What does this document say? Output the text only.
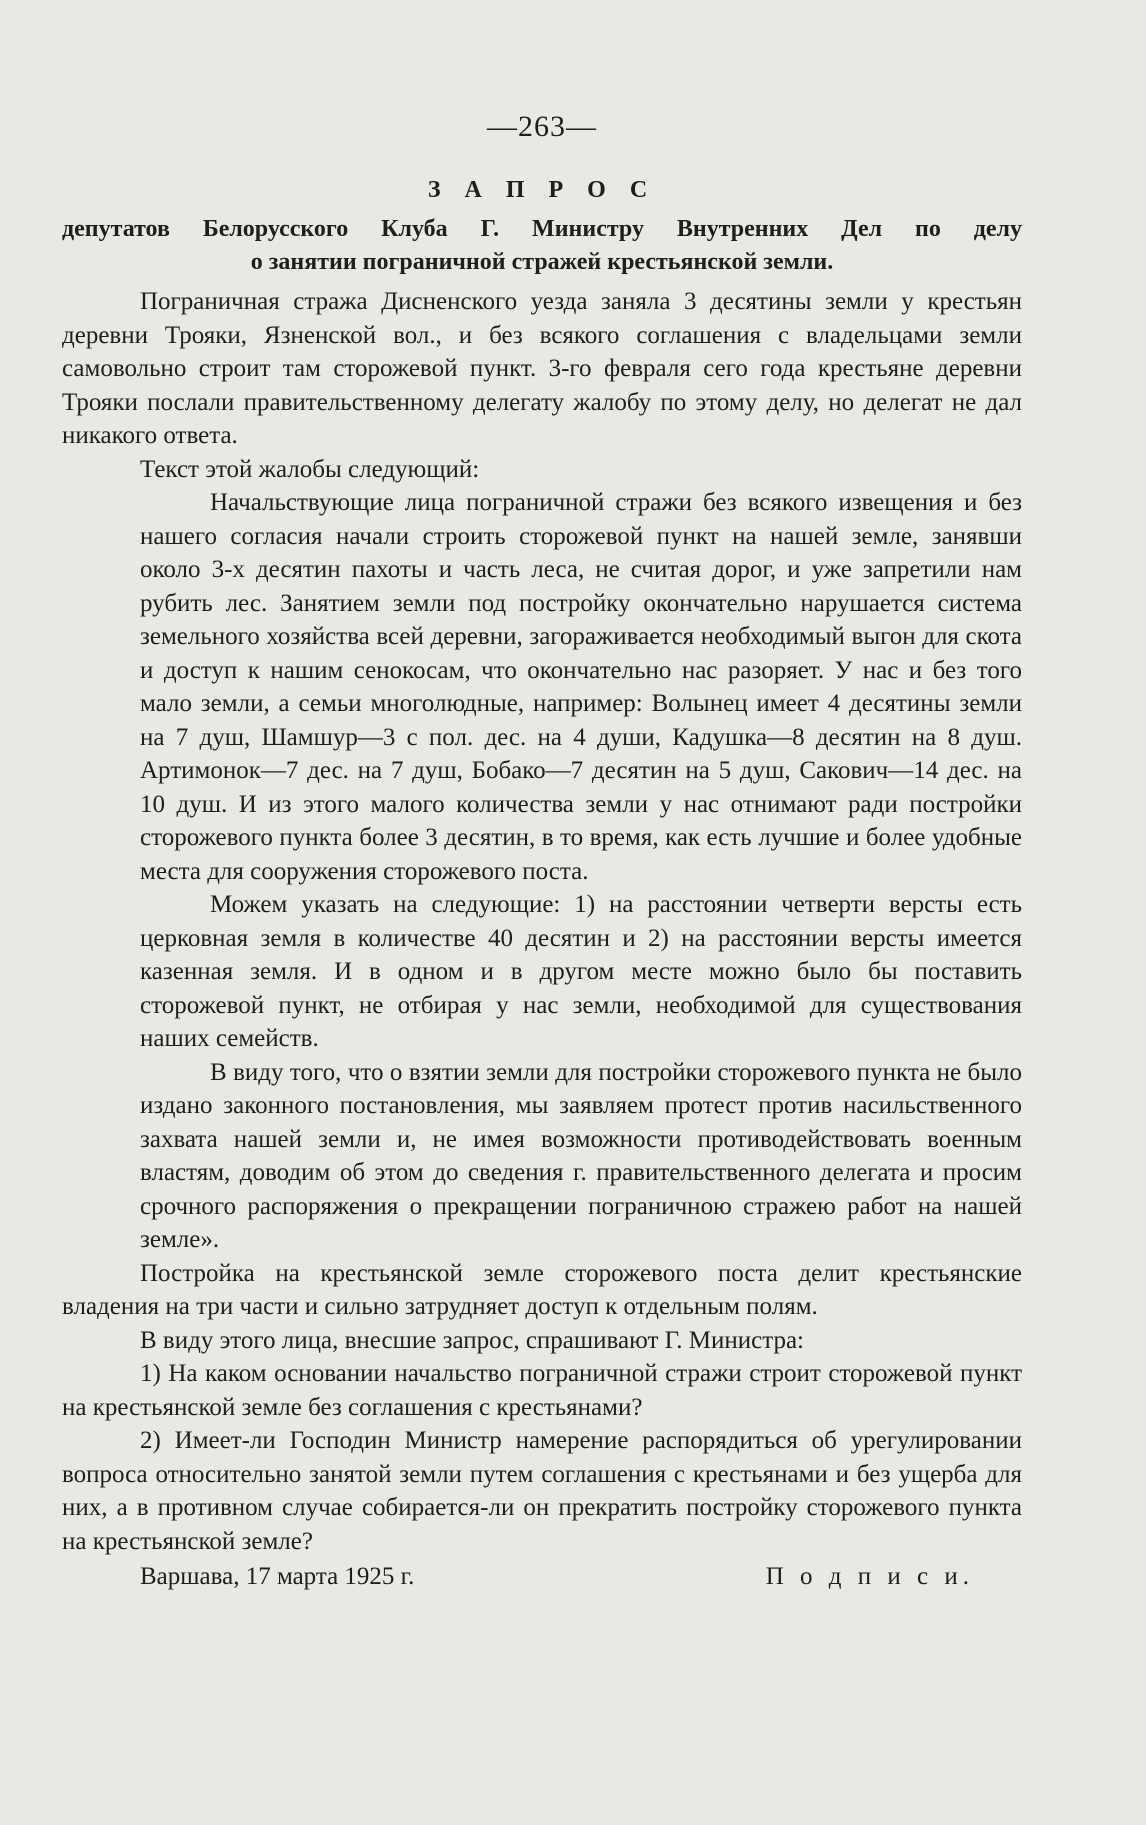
—263—
З А П Р О С
депутатов Белорусского Клуба Г. Министру Внутренних Дел по делу
о занятии пограничной стражей крестьянской земли.

Пограничная стража Дисненского уезда заняла 3 десятины земли у крестьян деревни Трояки, Язненской вол., и без всякого соглашения с владельцами земли самовольно строит там сторожевой пункт. 3-го февраля сего года крестьяне деревни Трояки послали правительственному делегату жалобу по этому делу, но делегат не дал никакого ответа.

Текст этой жалобы следующий:

Начальствующие лица пограничной стражи без всякого извещения и без нашего согласия начали строить сторожевой пункт на нашей земле, занявши около 3-х десятин пахоты и часть леса, не считая дорог, и уже запретили нам рубить лес. Занятием земли под постройку окончательно нарушается система земельного хозяйства всей деревни, загораживается необходимый выгон для скота и доступ к нашим сенокосам, что окончательно нас разоряет. У нас и без того мало земли, а семьи многолюдные, например: Волынец имеет 4 десятины земли на 7 душ, Шамшур—3 с пол. дес. на 4 души, Кадушка—8 десятин на 8 душ. Артимонок—7 дес. на 7 душ, Бобако—7 десятин на 5 душ, Сакович—14 дес. на 10 душ. И из этого малого количества земли у нас отнимают ради постройки сторожевого пункта более 3 десятин, в то время, как есть лучшие и более удобные места для сооружения сторожевого поста.

Можем указать на следующие: 1) на расстоянии четверти версты есть церковная земля в количестве 40 десятин и 2) на расстоянии версты имеется казенная земля. И в одном и в другом месте можно было бы поставить сторожевой пункт, не отбирая у нас земли, необходимой для существования наших семейств.

В виду того, что о взятии земли для постройки сторожевого пункта не было издано законного постановления, мы заявляем протест против насильственного захвата нашей земли и, не имея возможности противодействовать военным властям, доводим об этом до сведения г. правительственного делегата и просим срочного распоряжения о прекращении пограничною стражею работ на нашей земле».

Постройка на крестьянской земле сторожевого поста делит крестьянские владения на три части и сильно затрудняет доступ к отдельным полям.

В виду этого лица, внесшие запрос, спрашивают Г. Министра:

1) На каком основании начальство пограничной стражи строит сторожевой пункт на крестьянской земле без соглашения с крестьянами?

2) Имеет-ли Господин Министр намерение распорядиться об урегулировании вопроса относительно занятой земли путем соглашения с крестьянами и без ущерба для них, а в противном случае собирается-ли он прекратить постройку сторожевого пункта на крестьянской земле?

Варшава, 17 марта 1925 г.	П о д п и с и.
